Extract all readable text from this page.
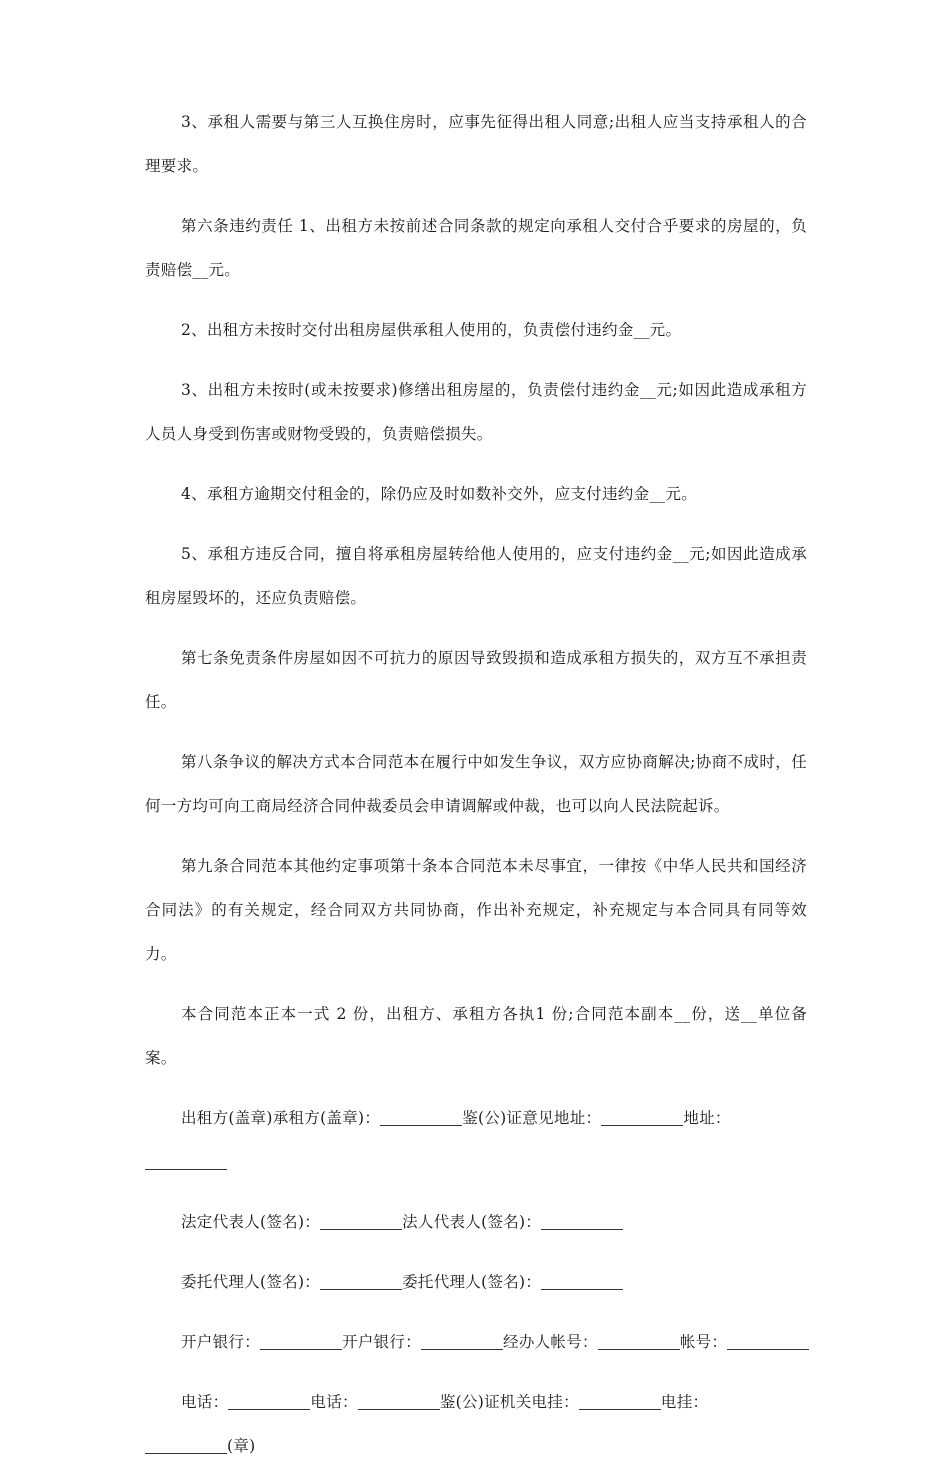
3、承租人需要与第三人互换住房时，应事先征得出租人同意;出租人应当支持承租人的合理要求。

第六条违约责任 1、出租方未按前述合同条款的规定向承租人交付合乎要求的房屋的，负责赔偿__元。

2、出租方未按时交付出租房屋供承租人使用的，负责偿付违约金__元。

3、出租方未按时(或未按要求)修缮出租房屋的，负责偿付违约金__元;如因此造成承租方人员人身受到伤害或财物受毁的，负责赔偿损失。

4、承租方逾期交付租金的，除仍应及时如数补交外，应支付违约金__元。

5、承租方违反合同，擅自将承租房屋转给他人使用的，应支付违约金__元;如因此造成承租房屋毁坏的，还应负责赔偿。

第七条免责条件房屋如因不可抗力的原因导致毁损和造成承租方损失的，双方互不承担责任。

第八条争议的解决方式本合同范本在履行中如发生争议，双方应协商解决;协商不成时，任何一方均可向工商局经济合同仲裁委员会申请调解或仲裁，也可以向人民法院起诉。

第九条合同范本其他约定事项第十条本合同范本未尽事宜，一律按《中华人民共和国经济合同法》的有关规定，经合同双方共同协商，作出补充规定，补充规定与本合同具有同等效力。

本合同范本正本一式 2 份，出租方、承租方各执1 份;合同范本副本__份，送__单位备案。

出租方(盖章)承租方(盖章)：	鉴(公)证意见地址：	地址：

法定代表人(签名)：	法人代表人(签名)：

委托代理人(签名)：	委托代理人(签名)：

开户银行：	开户银行：	经办人帐号：	帐号：

电话：	电话：	鉴(公)证机关电挂：	电挂：

(章)
